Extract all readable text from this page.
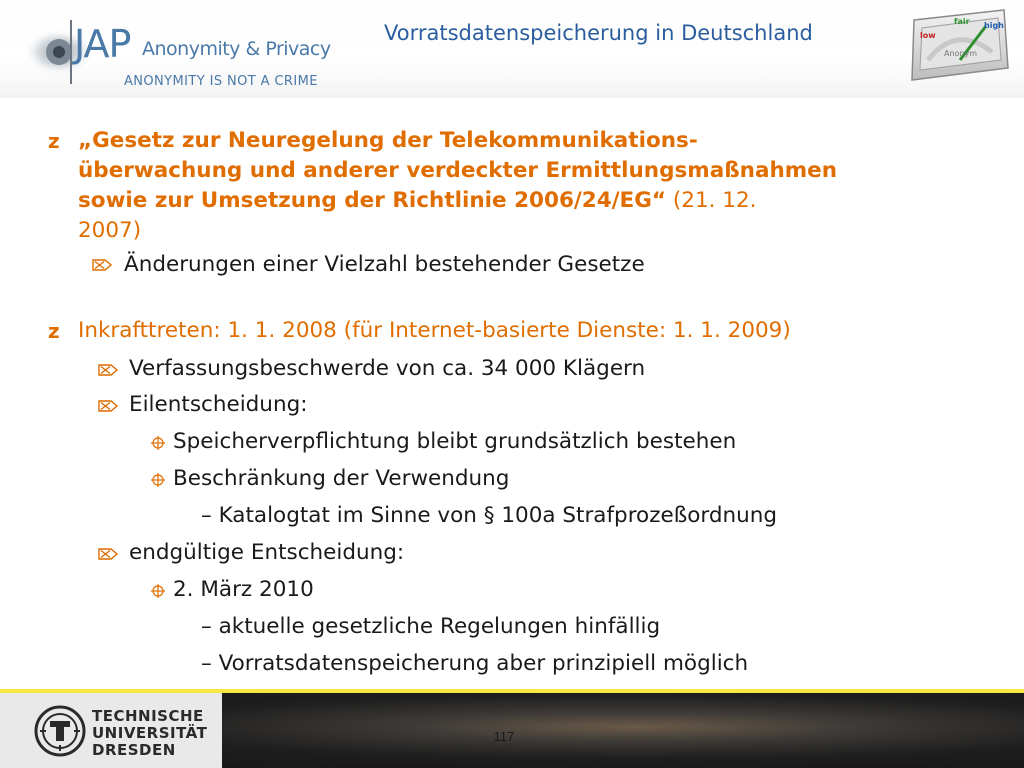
JAP Anonymity & Privacy
ANONYMITY IS NOT A CRIME
Vorratsdatenspeicherung in Deutschland	low
fair high
Anonym
z „Gesetz zur Neuregelung der Telekommunikations-
überwachung und anderer verdeckter Ermittlungsmaßnahmen
sowie zur Umsetzung der Richtlinie 2006/24/EG“ (21. 12.
2007)
Änderungen einer Vielzahl bestehender Gesetze
z Inkrafttreten: 1. 1. 2008 (für Internet-basierte Dienste: 1. 1. 2009)
Verfassungsbeschwerde von ca. 34 000 Klägern
Eilentscheidung:
Speicherverpflichtung bleibt grundsätzlich bestehen
Beschränkung der Verwendung
– Katalogtat im Sinne von § 100a Strafprozeßordnung
endgültige Entscheidung:
2. März 2010
– aktuelle gesetzliche Regelungen hinfällig
– Vorratsdatenspeicherung aber prinzipiell möglich
TECHNISCHE
UNIVERSITÄT
DRESDEN
117
